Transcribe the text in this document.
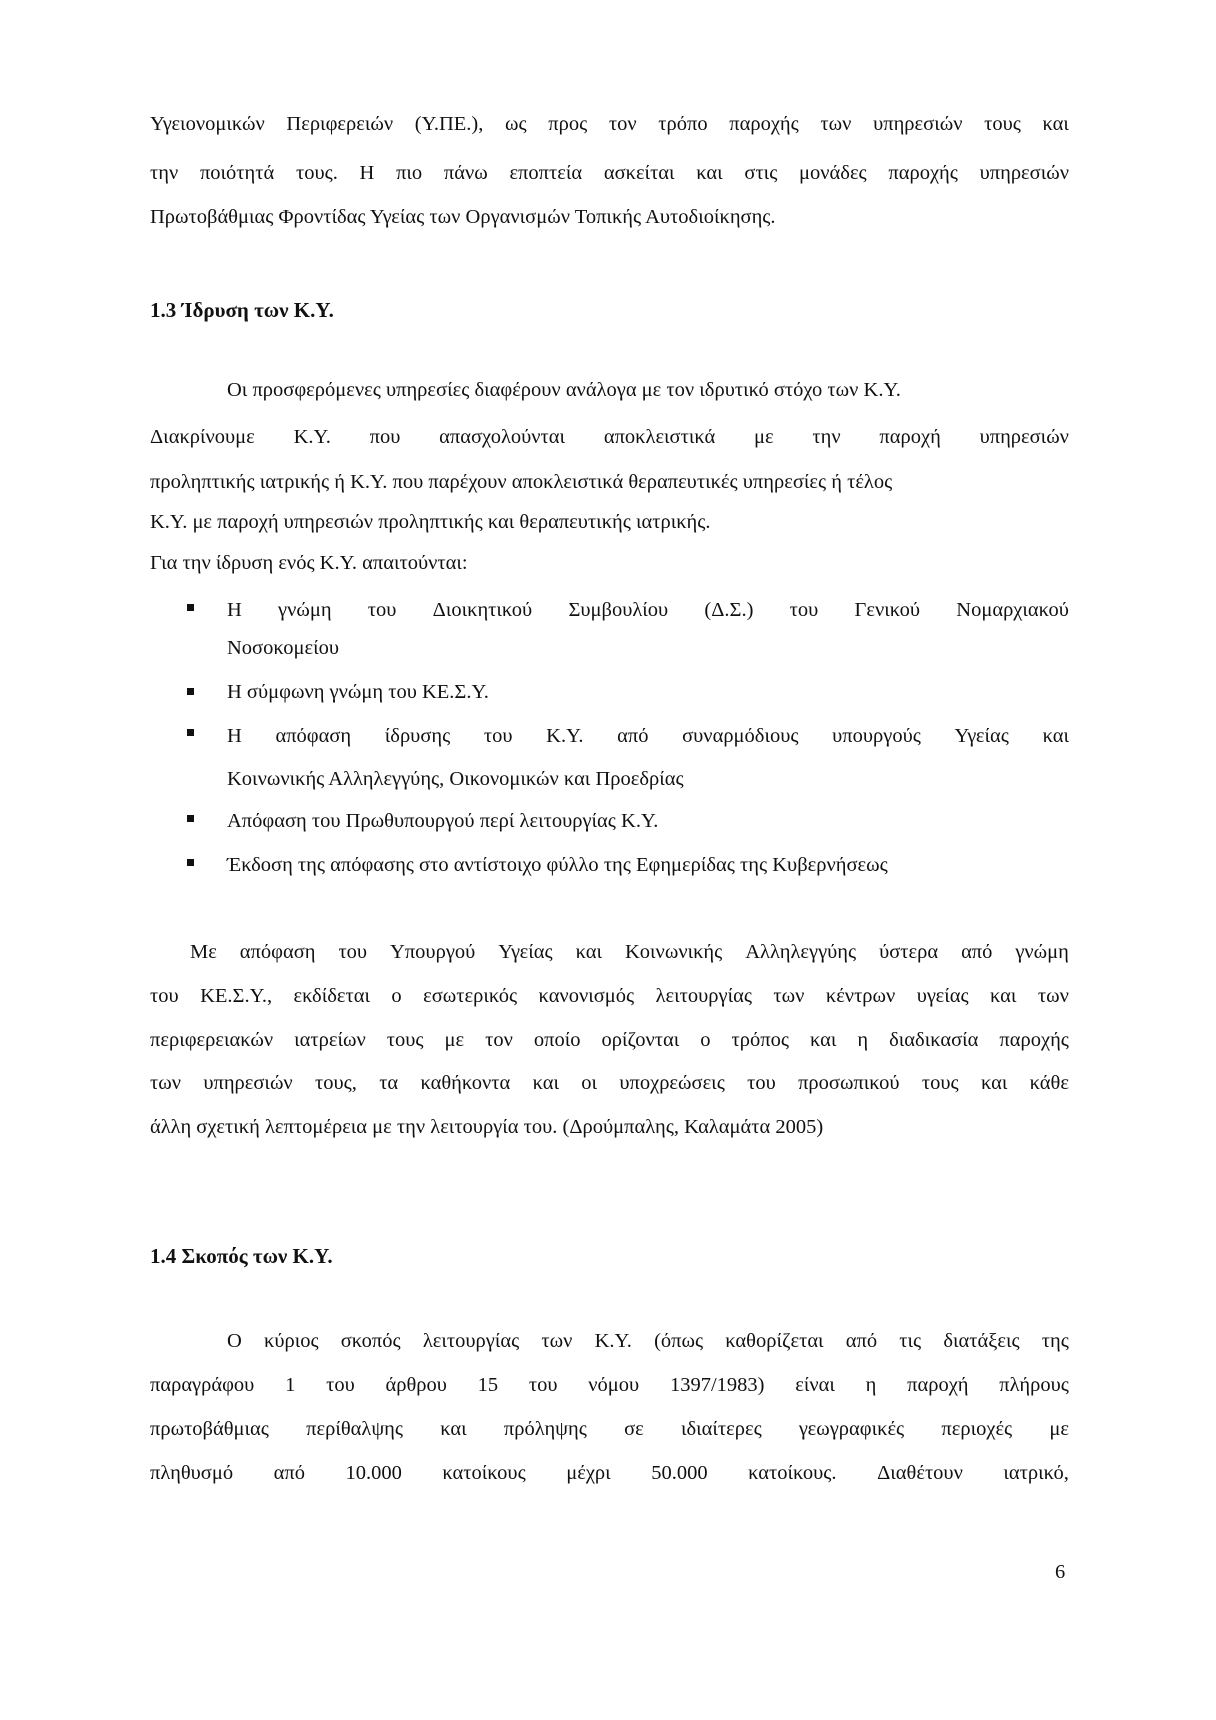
Υγειονομικών Περιφερειών (Υ.ΠΕ.), ως προς τον τρόπο παροχής των υπηρεσιών τους και
την ποιότητά τους. Η πιο πάνω εποπτεία ασκείται και στις μονάδες παροχής υπηρεσιών
Πρωτοβάθμιας Φροντίδας Υγείας των Οργανισμών Τοπικής Αυτοδιοίκησης.
1.3 Ίδρυση των Κ.Υ.
Οι προσφερόμενες υπηρεσίες διαφέρουν ανάλογα με τον ιδρυτικό στόχο των Κ.Υ.
Διακρίνουμε Κ.Υ. που απασχολούνται αποκλειστικά με την παροχή υπηρεσιών
προληπτικής ιατρικής ή Κ.Υ. που παρέχουν αποκλειστικά θεραπευτικές υπηρεσίες ή τέλος
Κ.Υ. με παροχή υπηρεσιών προληπτικής και θεραπευτικής ιατρικής.
Για την ίδρυση ενός Κ.Υ. απαιτούνται:
Η γνώμη του Διοικητικού Συμβουλίου (Δ.Σ.) του Γενικού Νομαρχιακού
Νοσοκομείου
Η σύμφωνη γνώμη του ΚΕ.Σ.Υ.
Η απόφαση ίδρυσης του Κ.Υ. από συναρμόδιους υπουργούς Υγείας και
Κοινωνικής Αλληλεγγύης, Οικονομικών και Προεδρίας
Απόφαση του Πρωθυπουργού περί λειτουργίας Κ.Υ.
Έκδοση της απόφασης στο αντίστοιχο φύλλο της Εφημερίδας της Κυβερνήσεως
Με απόφαση του Υπουργού Υγείας και Κοινωνικής Αλληλεγγύης ύστερα από γνώμη
του ΚΕ.Σ.Υ., εκδίδεται ο εσωτερικός κανονισμός λειτουργίας των κέντρων υγείας και των
περιφερειακών ιατρείων τους με τον οποίο ορίζονται ο τρόπος και η διαδικασία παροχής
των υπηρεσιών τους, τα καθήκοντα και οι υποχρεώσεις του προσωπικού τους και κάθε
άλλη σχετική λεπτομέρεια με την λειτουργία του. (Δρούμπαλης, Καλαμάτα 2005)
1.4 Σκοπός των Κ.Υ.
Ο κύριος σκοπός λειτουργίας των Κ.Υ. (όπως καθορίζεται από τις διατάξεις της
παραγράφου 1 του άρθρου 15 του νόμου 1397/1983) είναι η παροχή πλήρους
πρωτοβάθμιας περίθαλψης και πρόληψης σε ιδιαίτερες γεωγραφικές περιοχές με
πληθυσμό από 10.000 κατοίκους μέχρι 50.000 κατοίκους. Διαθέτουν ιατρικό,
6
